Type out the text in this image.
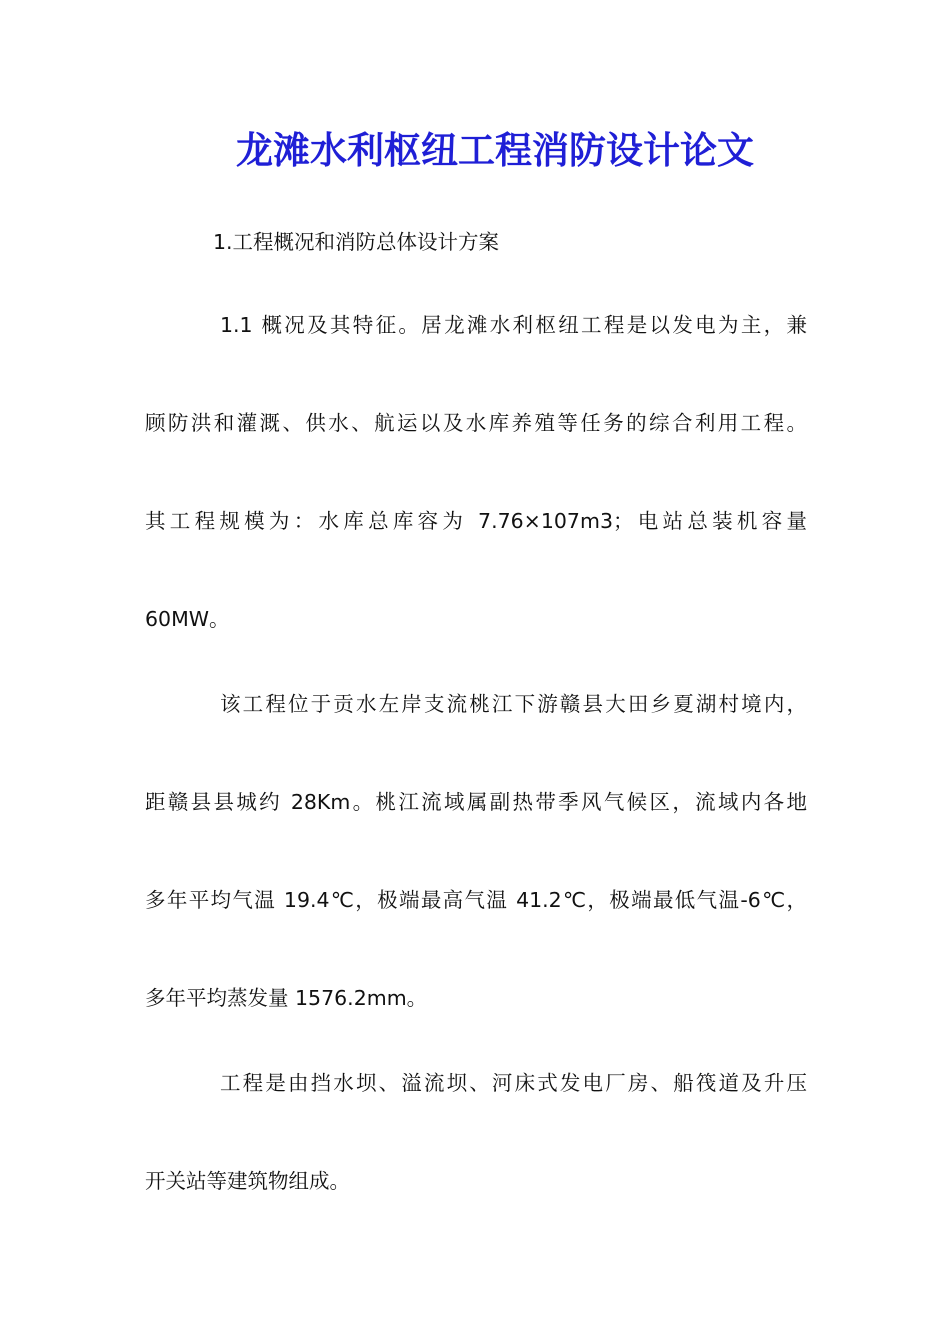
龙滩水利枢纽工程消防设计论文
1.工程概况和消防总体设计方案
1.1 概况及其特征。居龙滩水利枢纽工程是以发电为主，兼
顾防洪和灌溉、供水、航运以及水库养殖等任务的综合利用工程。
其工程规模为：水库总库容为 7.76×107m3；电站总装机容量
60MW。
该工程位于贡水左岸支流桃江下游赣县大田乡夏湖村境内，
距赣县县城约 28Km。桃江流域属副热带季风气候区，流域内各地
多年平均气温 19.4℃，极端最高气温 41.2℃，极端最低气温-6℃，
多年平均蒸发量 1576.2mm。
工程是由挡水坝、溢流坝、河床式发电厂房、船筏道及升压
开关站等建筑物组成。
